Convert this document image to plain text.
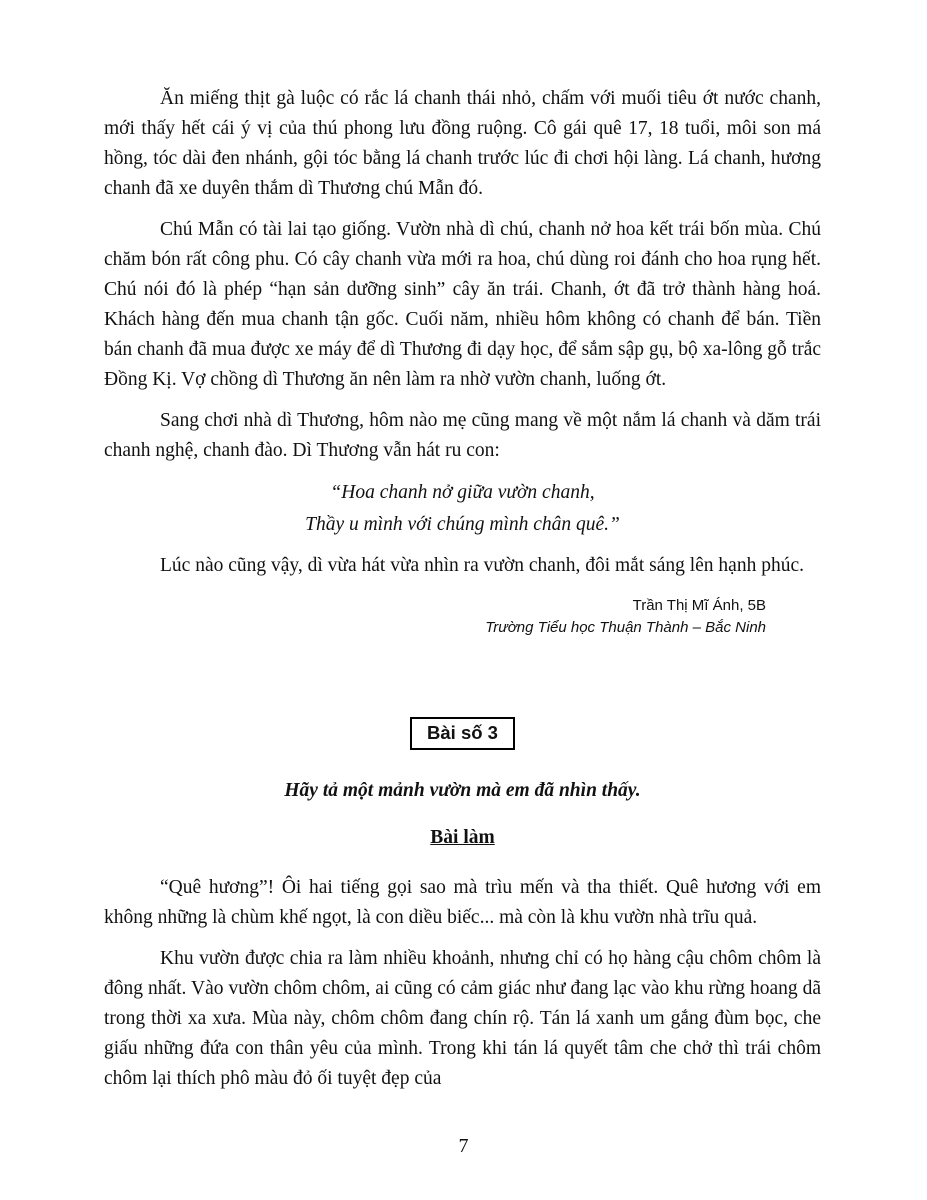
Ăn miếng thịt gà luộc có rắc lá chanh thái nhỏ, chấm với muối tiêu ớt nước chanh, mới thấy hết cái ý vị của thú phong lưu đồng ruộng. Cô gái quê 17, 18 tuổi, môi son má hồng, tóc dài đen nhánh, gội tóc bằng lá chanh trước lúc đi chơi hội làng. Lá chanh, hương chanh đã xe duyên thắm dì Thương chú Mẫn đó.

Chú Mẫn có tài lai tạo giống. Vườn nhà dì chú, chanh nở hoa kết trái bốn mùa. Chú chăm bón rất công phu. Có cây chanh vừa mới ra hoa, chú dùng roi đánh cho hoa rụng hết. Chú nói đó là phép “hạn sản dưỡng sinh” cây ăn trái. Chanh, ớt đã trở thành hàng hoá. Khách hàng đến mua chanh tận gốc. Cuối năm, nhiều hôm không có chanh để bán. Tiền bán chanh đã mua được xe máy để dì Thương đi dạy học, để sắm sập gụ, bộ xa-lông gỗ trắc Đồng Kị. Vợ chồng dì Thương ăn nên làm ra nhờ vườn chanh, luống ớt.

Sang chơi nhà dì Thương, hôm nào mẹ cũng mang về một nắm lá chanh và dăm trái chanh nghệ, chanh đào. Dì Thương vẫn hát ru con:

“Hoa chanh nở giữa vườn chanh,

Thầy u mình với chúng mình chân quê.”

Lúc nào cũng vậy, dì vừa hát vừa nhìn ra vườn chanh, đôi mắt sáng lên hạnh phúc.

Trần Thị Mĩ Ánh, 5B
Trường Tiểu học Thuận Thành – Bắc Ninh
Bài số 3

Hãy tả một mảnh vườn mà em đã nhìn thấy.

Bài làm

“Quê hương”! Ôi hai tiếng gọi sao mà trìu mến và tha thiết. Quê hương với em không những là chùm khế ngọt, là con diều biếc... mà còn là khu vườn nhà trĩu quả.

Khu vườn được chia ra làm nhiều khoảnh, nhưng chỉ có họ hàng cậu chôm chôm là đông nhất. Vào vườn chôm chôm, ai cũng có cảm giác như đang lạc vào khu rừng hoang dã trong thời xa xưa. Mùa này, chôm chôm đang chín rộ. Tán lá xanh um gắng đùm bọc, che giấu những đứa con thân yêu của mình. Trong khi tán lá quyết tâm che chở thì trái chôm chôm lại thích phô màu đỏ ối tuyệt đẹp của

7
